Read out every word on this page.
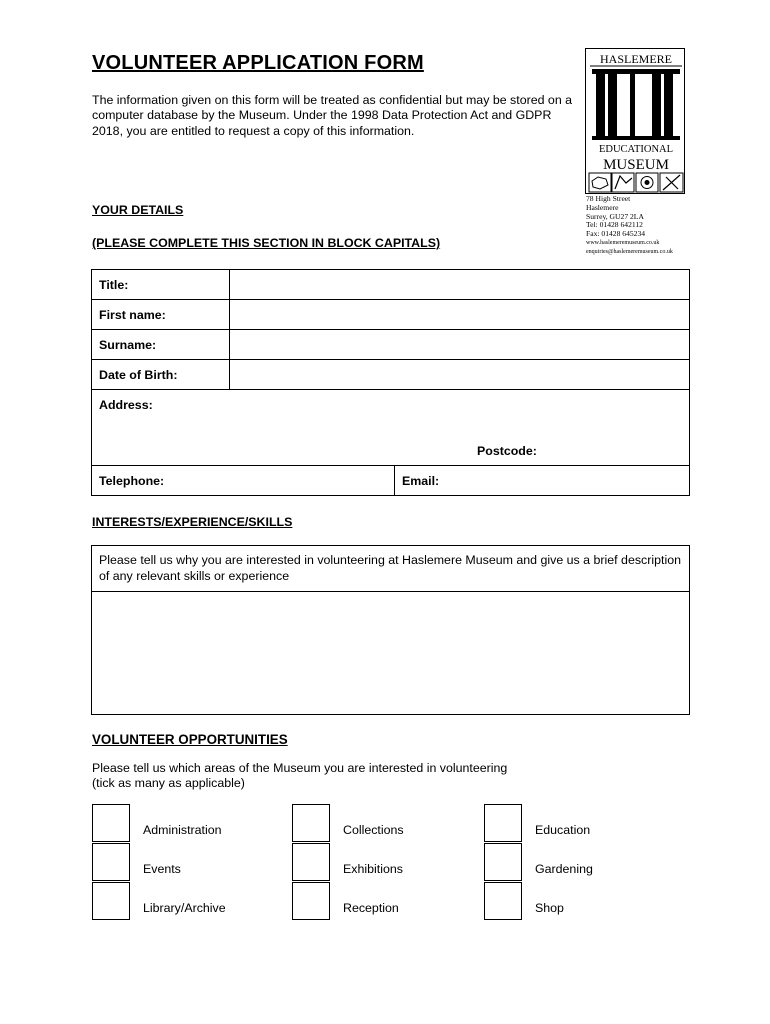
VOLUNTEER APPLICATION FORM
The information given on this form will be treated as confidential but may be stored on a computer database by the Museum. Under the 1998 Data Protection Act and GDPR 2018, you are entitled to request a copy of this information.
HASLEMERE
EDUCATIONAL
MUSEUM
78 High Street
Haslemere
Surrey, GU27 2LA
Tel: 01428 642112
Fax: 01428 645234
www.haslemeremuseum.co.uk
enquiries@haslemeremuseum.co.uk
YOUR DETAILS
(PLEASE COMPLETE THIS SECTION IN BLOCK CAPITALS)
Title:		
First name:		
Surname:		
Date of Birth:		

Address:
Postcode:		

Telephone:		Email:
INTERESTS/EXPERIENCE/SKILLS
Please tell us why you are interested in volunteering at Haslemere Museum and give us a brief description of any relevant skills or experience

VOLUNTEER OPPORTUNITIES
Please tell us which areas of the Museum you are interested in volunteering
(tick as many as applicable)
Administration	Collections	Education
Events	Exhibitions	Gardening
Library/Archive	Reception	Shop
